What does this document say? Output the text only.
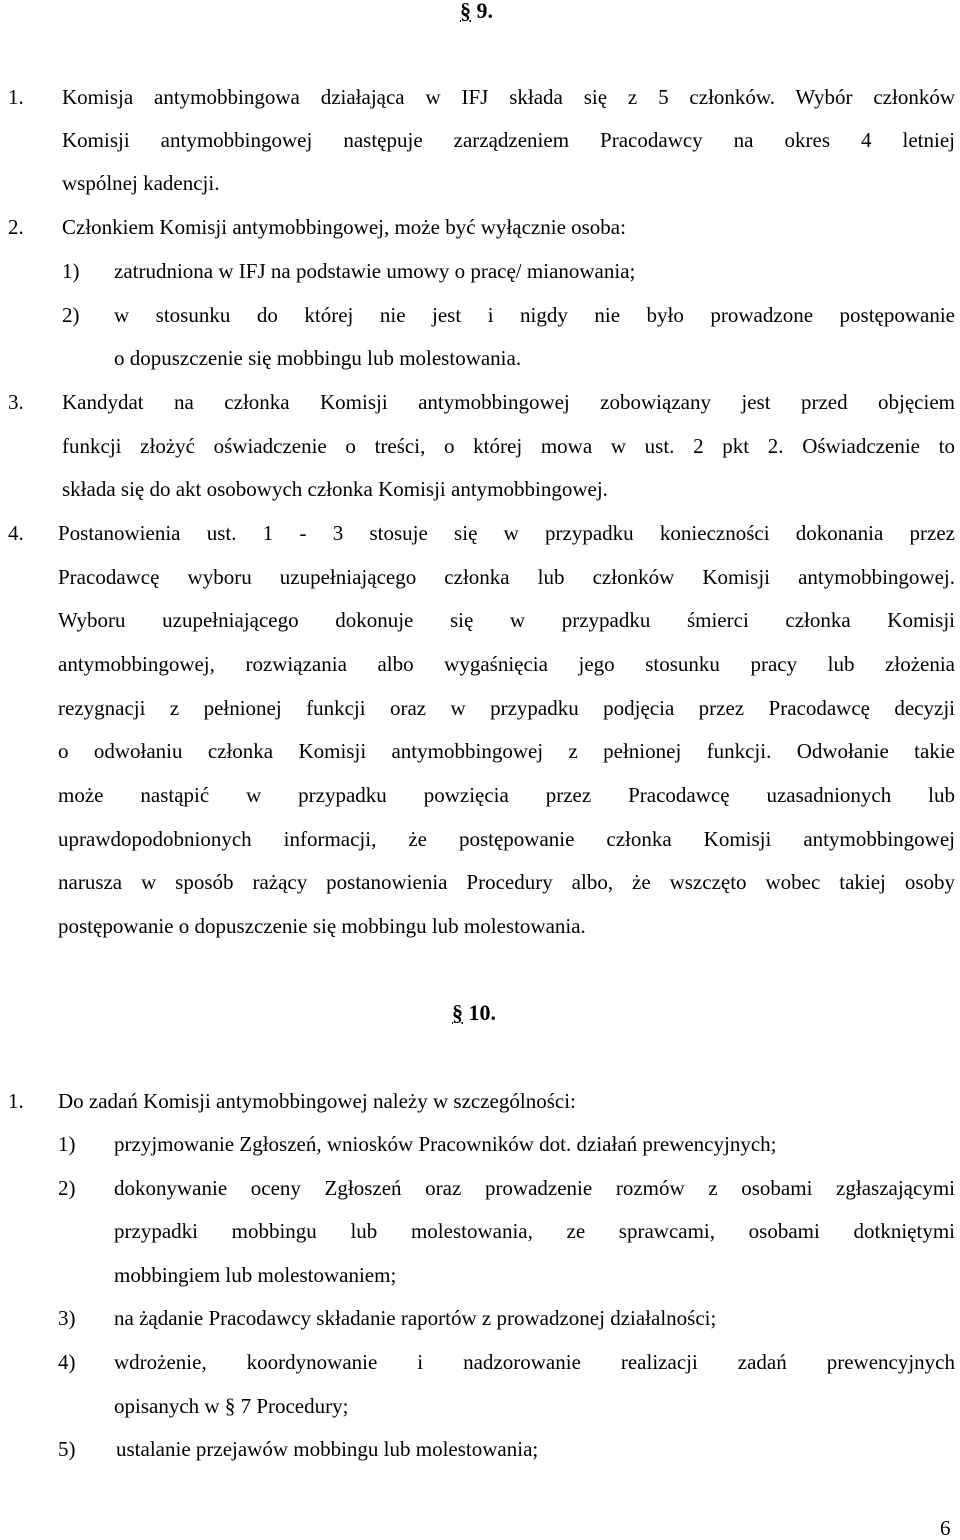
§ 9.
1. Komisja antymobbingowa działająca w IFJ składa się z 5 członków. Wybór członków
Komisji antymobbingowej następuje zarządzeniem Pracodawcy na okres 4 letniej
wspólnej kadencji.
2. Członkiem Komisji antymobbingowej, może być wyłącznie osoba:
1) zatrudniona w IFJ na podstawie umowy o pracę/ mianowania;
2) w stosunku do której nie jest i nigdy nie było prowadzone postępowanie
o dopuszczenie się mobbingu lub molestowania.
3. Kandydat na członka Komisji antymobbingowej zobowiązany jest przed objęciem
funkcji złożyć oświadczenie o treści, o której mowa w ust. 2 pkt 2. Oświadczenie to
składa się do akt osobowych członka Komisji antymobbingowej.
4. Postanowienia ust. 1 - 3 stosuje się w przypadku konieczności dokonania przez
Pracodawcę wyboru uzupełniającego członka lub członków Komisji antymobbingowej.
Wyboru uzupełniającego dokonuje się w przypadku śmierci członka Komisji
antymobbingowej, rozwiązania albo wygaśnięcia jego stosunku pracy lub złożenia
rezygnacji z pełnionej funkcji oraz w przypadku podjęcia przez Pracodawcę decyzji
o odwołaniu członka Komisji antymobbingowej z pełnionej funkcji. Odwołanie takie
może nastąpić w przypadku powzięcia przez Pracodawcę uzasadnionych lub
uprawdopodobnionych informacji, że postępowanie członka Komisji antymobbingowej
narusza w sposób rażący postanowienia Procedury albo, że wszczęto wobec takiej osoby
postępowanie o dopuszczenie się mobbingu lub molestowania.
§ 10.
1. Do zadań Komisji antymobbingowej należy w szczególności:
1) przyjmowanie Zgłoszeń, wniosków Pracowników dot. działań prewencyjnych;
2) dokonywanie oceny Zgłoszeń oraz prowadzenie rozmów z osobami zgłaszającymi
przypadki mobbingu lub molestowania, ze sprawcami, osobami dotkniętymi
mobbingiem lub molestowaniem;
3) na żądanie Pracodawcy składanie raportów z prowadzonej działalności;
4) wdrożenie, koordynowanie i nadzorowanie realizacji zadań prewencyjnych
opisanych w § 7 Procedury;
5) ustalanie przejawów mobbingu lub molestowania;
6
